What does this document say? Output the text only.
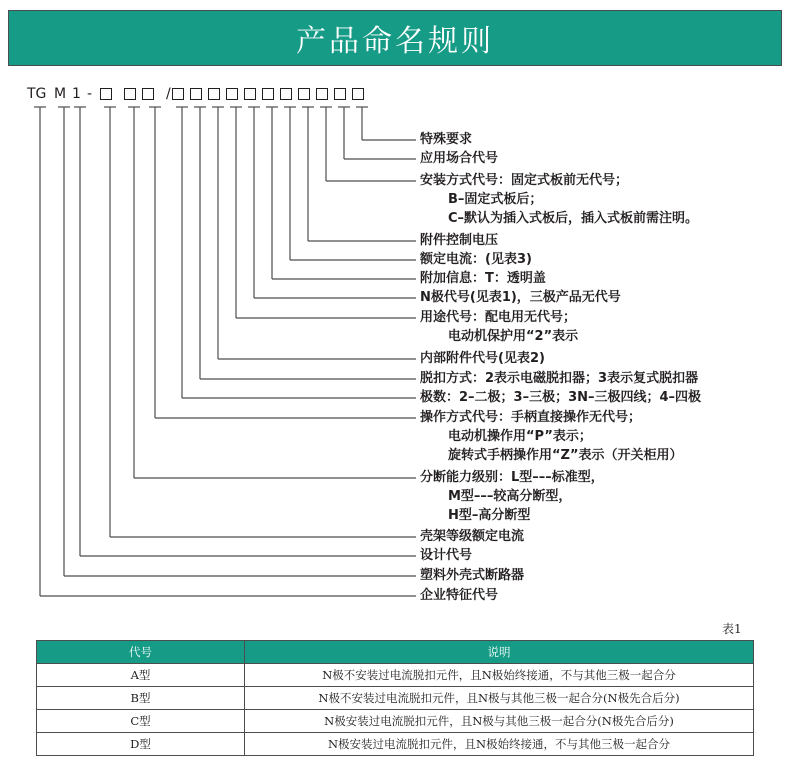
产品命名规则
TG M 1 -	/
特殊要求
应用场合代号
安装方式代号：固定式板前无代号；
B–固定式板后；
C–默认为插入式板后，插入式板前需注明。
附件控制电压
额定电流：(见表3)
附加信息：T：透明盖
N极代号(见表1)，三极产品无代号
用途代号：配电用无代号；
电动机保护用“2”表示
内部附件代号(见表2)
脱扣方式：2表示电磁脱扣器；3表示复式脱扣器
极数：2–二极；3–三极；3N–三极四线；4–四极
操作方式代号：手柄直接操作无代号；
电动机操作用“P”表示；
旋转式手柄操作用“Z”表示（开关柜用）
分断能力级别：L型–––标准型，
M型–––较高分断型，
H型–高分断型
壳架等级额定电流
设计代号
塑料外壳式断路器
企业特征代号
表1
代号	说明
A型	N极不安装过电流脱扣元件，且N极始终接通，不与其他三极一起合分
B型	N极不安装过电流脱扣元件，且N极与其他三极一起合分(N极先合后分)
C型	N极安装过电流脱扣元件，且N极与其他三极一起合分(N极先合后分)
D型	N极安装过电流脱扣元件，且N极始终接通，不与其他三极一起合分
